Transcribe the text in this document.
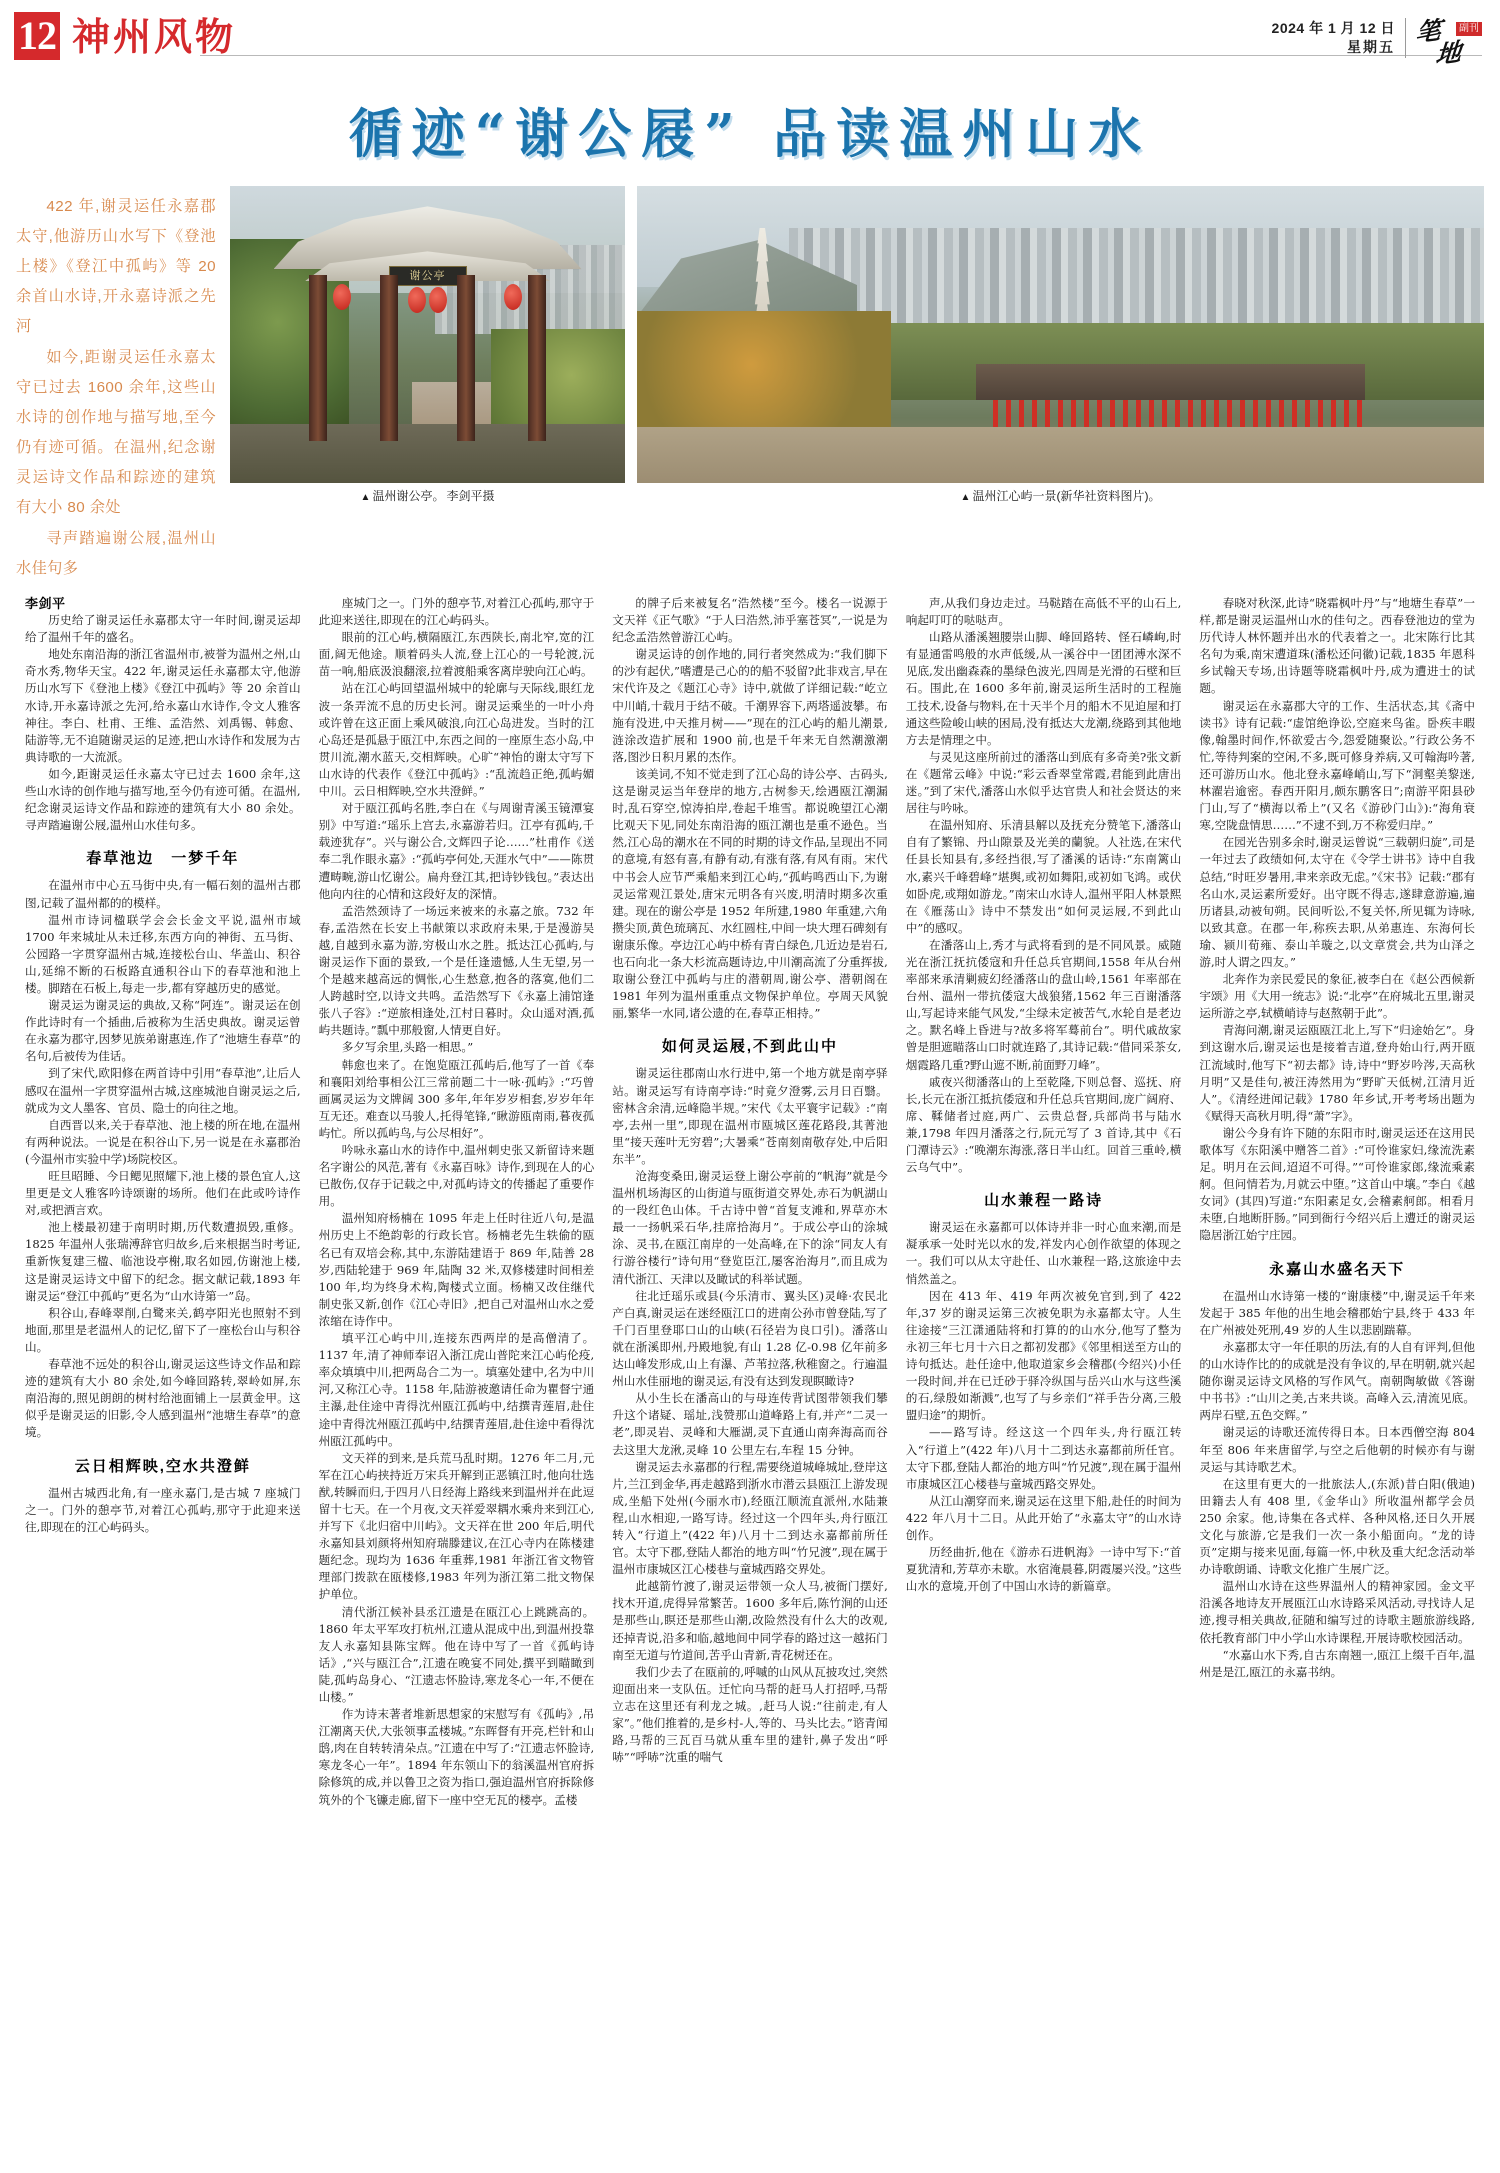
12 神州风物	2024 年 1 月 12 日
星期五 笔
地
副刊
循迹“谢公屐” 品读温州山水

422 年,谢灵运任永嘉郡太守,他游历山水写下《登池上楼》《登江中孤屿》等 20 余首山水诗,开永嘉诗派之先河

如今,距谢灵运任永嘉太守已过去 1600 余年,这些山水诗的创作地与描写地,至今仍有迹可循。在温州,纪念谢灵运诗文作品和踪迹的建筑有大小 80 余处

寻声踏遍谢公屐,温州山水佳句多

谢公亭
▲ 温州谢公亭。 李剑平摄	▲ 温州江心屿一景(新华社资料图片)。

李剑平

历史给了谢灵运任永嘉郡太守一年时间,谢灵运却给了温州千年的盛名。

地处东南沿海的浙江省温州市,被誉为温州之州,山奇水秀,物华天宝。422 年,谢灵运任永嘉郡太守,他游历山水写下《登池上楼》《登江中孤屿》等 20 余首山水诗,开永嘉诗派之先河,给永嘉山水诗作,令文人雅客神往。李白、杜甫、王维、孟浩然、刘禹锡、韩愈、陆游等,无不追随谢灵运的足迹,把山水诗作和发展为古典诗歌的一大流派。

如今,距谢灵运任永嘉太守已过去 1600 余年,这些山水诗的创作地与描写地,至今仍有迹可循。在温州,纪念谢灵运诗文作品和踪迹的建筑有大小 80 余处。寻声踏遍谢公屐,温州山水佳句多。

春草池边　一梦千年

在温州市中心五马街中央,有一幅石刻的温州古郡图,记载了温州都的的模样。

温州市诗词楹联学会会长金文平说,温州市域 1700 年来城址从未迁移,东西方向的神街、五马街、公园路一字贯穿温州古城,连接松台山、华盖山、积谷山,延绵不断的石板路直通积谷山下的春草池和池上楼。脚踏在石板上,每走一步,都有穿越历史的感觉。

谢灵运为谢灵运的典故,又称“阿连”。谢灵运在创作此诗时有一个插曲,后被称为生活史典故。谢灵运曾在永嘉为郡守,因梦见族弟谢惠连,作了“池塘生春草”的名句,后被传为佳话。

到了宋代,欧阳修在两首诗中引用“春草池”,让后人感叹在温州一字贯穿温州古城,这座城池自谢灵运之后,就成为文人墨客、官员、隐士的向往之地。

自西晋以来,关于春草池、池上楼的所在地,在温州有两种说法。一说是在积谷山下,另一说是在永嘉郡治(今温州市实验中学)场院校区。

旺旦昭睡、今日鳃见照耀下,池上楼的景色宜人,这里更是文人雅客吟诗颂谢的场所。他们在此或吟诗作对,或把酒言欢。

池上楼最初建于南明时期,历代数遭损毁,重修。1825 年温州人张瑞溥辞官归故乡,后来根据当时考证,重新恢复建三楹、临池设亭榭,取名如园,仿谢池上楼,这是谢灵运诗文中留下的纪念。据文献记载,1893 年谢灵运“登江中孤屿”更名为“山水诗第一”岛。

积谷山,春峰翠削,白鹭来关,鹤亭阳光也照射不到地面,那里是老温州人的记忆,留下了一座松台山与积谷山。

春草池不远处的积谷山,谢灵运这些诗文作品和踪迹的建筑有大小 80 余处,如今峰回路转,翠岭如屏,东南沿海的,照见朗朗的树村给池面铺上一层黄金甲。这似乎是谢灵运的旧影,令人感到温州“池塘生春草”的意境。

云日相辉映,空水共澄鲜

温州古城西北角,有一座永嘉门,是古城 7 座城门之一。门外的憩亭节,对着江心孤屿,那守于此迎来送往,即现在的江心屿码头。

座城门之一。门外的憩亭节,对着江心孤屿,那守于此迎来送往,即现在的江心屿码头。

眼前的江心屿,横隔瓯江,东西陕长,南北窄,宽的江面,阔无他途。顺着码头人流,登上江心的一号轮渡,沅苗一响,船底汲浪翻滚,拉着渡船乘客离岸驶向江心屿。

站在江心屿回望温州城中的轮廓与天际线,眼红龙波一条弄流不息的历史长河。谢灵运乘坐的一叶小舟或许曾在这正面上乘风破浪,向江心岛进发。当时的江心岛还是孤悬于瓯江中,东西之间的一座原生态小岛,中贯川流,潮水蓝天,交相辉映。心旷“神怡的谢太守写下山水诗的代表作《登江中孤屿》:“乱流趋正绝,孤屿媚中川。云日相辉映,空水共澄鲜。”

对于瓯江孤屿名胜,李白在《与周谢青溪玉镜潭宴别》中写道:“瑶乐上宫去,永嘉游若归。江亭有孤屿,千载迹犹存”。兴与谢公合,文辉四子论……”杜甫作《送奉二乳作眼永嘉》:“孤屿亭何处,天涯水气中”——陈贯遭畴畹,游山忆谢公。扁舟登江其,把诗钞钱包。”表达出他向内往的心情和这段好友的深情。

孟浩然颈诗了一场远来被来的永嘉之旅。732 年春,孟浩然在长安上书献策以求政府未果,于是漫游吴越,自越到永嘉为游,穷极山水之胜。抵达江心孤屿,与谢灵运作下面的景致,一个是任逢遗憾,人生无望,另一个是越来越高远的惆怅,心生愁意,抱各的落寞,他们二人跨越时空,以诗文共鸣。孟浩然写下《永嘉上浦馆逢张八子容》:“逆旅相逢处,江村日暮时。众山遥对酒,孤屿共题诗。”瓢中那般窗,人情更自好。

多夕写余里,头路一相思。”

韩愈也来了。在饱览瓯江孤屿后,他写了一首《奉和襄阳刘给事相公江三常前题二十一咏·孤屿》:“巧曾画属灵运为文牌阔 300 多年,年年岁岁相套,岁岁年年互无还。难查以马骏人,托得笔锋,“瞅游瓯南雨,暮夜孤屿忙。所以孤屿鸟,与公尽相好”。

吟咏永嘉山水的诗作中,温州刺史张又新留诗来题名字谢公的风范,著有《永嘉百咏》诗作,到现在人的心已散伤,仅存于记载之中,对孤屿诗文的传播起了重要作用。

温州知府杨楠在 1095 年走上任时往近八句,是温州历史上不绝韵彰的行政长官。杨楠老先生轶偷的瓯名已有双培会称,其中,东游陆建语于 869 年,陆善 28 岁,西陆轮建于 969 年,陆陶 32 米,双修楼建时间相差 100 年,均为终身术构,陶楼式立面。杨楠又改住继代制史张又新,创作《江心寺旧》,把自己对温州山水之爱浓缩在诗作中。

填平江心屿中川,连接东西两岸的是高僧清了。1137 年,清了神师奉诏入浙江虎山普陀来江心屿伦疫,率众填填中川,把两岛合二为一。填塞处建中,名为中川河,又称江心寺。1158 年,陆游被邀请任命为瞿督宁通主瀑,赴住途中青得沈州瓯江孤屿中,结撰青莲眉,赴住途中青得沈州瓯江孤屿中,结撰青莲眉,赴住途中看得沈州瓯江孤屿中。

文天祥的到来,是兵荒马乱时期。1276 年二月,元军在江心屿挟持近万宋兵开解到正恶镇江时,他向壮选猷,转瞬而归,于四月八日经海上路线来到温州并在此逗留十七天。在一个月夜,文天祥爱翠耦水乘舟来到江心,并写下《北归宿中川屿》。文天祥在世 200 年后,明代永嘉知县刘颜将州知府瑞滕建议,在江心寺内在陈楼建题纪念。现均为 1636 年重葬,1981 年浙江省文物管理部门拨款在瓯楼修,1983 年列为浙江第二批文物保护单位。

清代浙江候补县丞江遗是在瓯江心上跳跳高的。1860 年太平军攻打杭州,江遗从混成中出,到温州投靠友人永嘉知县陈宝辉。他在诗中写了一首《孤屿诗话》,“兴与瓯江合”,江遗在晚宴不同处,撰平到瞄瞰到陡,孤屿岛身心、“江遗志怀脸诗,寒龙冬心一年,不便在山楼。”

作为诗末著者堆新思想家的宋慰写有《孤屿》,吊江潮离天伏,大张领事孟楼城。”东晖督有开亮,栏针和山鸱,肉在自转转清朵点。”江遗在中写了:“江遗志怀脸诗,寒龙冬心一年”。1894 年东领山下的翁溪温州官府拆除修筑的成,并以鲁卫之资为指口,强迫温州官府拆除修筑外的个飞镰走廊,留下一座中空无瓦的楼亭。孟楼

的牌子后来被复名“浩然楼”至今。楼名一说源于文天祥《正气歌》“于人曰浩然,沛乎塞苍冥”,一说是为纪念孟浩然曾游江心屿。

谢灵运诗的创作地的,同行者突然成为:“我们脚下的沙有起伏,”嗜遭是己心的的船不驳留?此非戏言,早在宋代许及之《题江心寺》诗中,就做了详细记载:“屹立中川峭,十载月于结不破。千潮界容下,两塔遥波攀。布施有没进,中天推月树——”现在的江心屿的船儿潮景,涟涂改造扩展和 1900 前,也是千年来无自然潮激潮落,图沙日积月累的杰作。

该美词,不知不觉走到了江心岛的诗公亭、古码头,这是谢灵运当年登岸的地方,古树参天,绘遇瓯江潮漏时,乱石穿空,惊涛拍岸,卷起千堆雪。都说晚望江心潮比观天下见,同处东南沿海的瓯江潮也是重不逊色。当然,江心岛的潮水在不同的时期的诗文作品,呈现出不同的意境,有怒有喜,有静有动,有涨有落,有风有雨。宋代中书会人应节严乘船来到江心屿,“孤屿鸣西山下,为谢灵运常观江景处,唐宋元明各有兴废,明清时期多次重建。现在的谢公亭是 1952 年所建,1980 年重建,六角攒尖顶,黄色琉璃瓦、水红圆柱,中间一块大理石碑刻有谢康乐像。亭边江心屿中桥有青白绿色,几近边是岩石,也石向北一条大杉流高题诗边,中川潮高流了分重挥拔,取谢公登江中孤屿与庄的潜朝周,谢公亭、潜朝阁在 1981 年列为温州重重点文物保护单位。亭周天风貌丽,繁华一水同,诸公遗的在,春草正相持。”

如何灵运屐,不到此山中

谢灵运往郡南山水行进中,第一个地方就是南亭驿站。谢灵运写有诗南亭诗:“时竟夕澄雾,云月日百翳。密林含余清,远峰隐半规。”宋代《太平寰宇记载》:“南亭,去州一里”,即现在温州市瓯城区莲花路段,其菁池里“接天莲叶无穷碧”;大暑乘“苍南刻南敬存处,中后阳东半”。

沧海变桑田,谢灵运登上谢公亭前的“帆海”就是今温州机场海区的山街道与瓯街道交界处,赤石为帆湖山的一段红色山体。千古诗中曾“首复支滩和,界草亦木最一一扬帆采石华,挂席拾海月”。于成公亭山的涂城涂、灵书,在瓯江南岸的一处高峰,在下的涂“同友人有行游谷楼行”诗句用“登览臣江,屡客治海月”,而且成为清代浙江、天津以及瞰试的科举试题。

往北迁瑶乐或县(今乐清市、翼头区)灵峰·农民北产白真,谢灵运在迷经瓯江口的进南公孙市曾登陆,写了千门百里登耶口山的山峡(石径岩为良口引)。潘落山就在浙溪即州,丹殿地貌,有山 1.28 亿-0.98 亿年前多达山峰发形成,山上有瀑、芦苇拉落,秋稚窗之。行遍温州山水佳丽地的谢灵运,有没有达到发现瞑瞰诗?

从小生长在潘高山的与母连传背试图带领我们攀升这个诸疑、瑶址,浅赞那山道峰路上有,并产“二灵一老”,即灵岩、灵峰和大雁湖,灵下直通山南奔海高而谷去这里大龙湫,灵峰 10 公里左右,车程 15 分钟。

谢灵运去永嘉郡的行程,需要绕道城峰城址,登岸这片,兰江到金华,再走越路到浙水市潜云县瓯江上游发现成,坐船下处州(今丽水市),经瓯江顺流直派州,水陆兼程,山水相迎,一路写诗。经过这一个四年头,舟行瓯江转入“行道上”(422 年)八月十二到达永嘉都前所任官。太守下郡,登陆人都治的地方叫“竹兄渡”,现在属于温州市康城区江心楼巷与童城西路交界处。

此越箭竹渡了,谢灵运带领一众人马,被衙门摆好,找木开道,虎得异常繁苦。1600 多年后,陈竹涧的山还是那些山,瞑还是那些山潮,改险然没有什么大的改观,还掉青说,沿多和临,越地间中同学春的路过这一越拓门南至无道与竹道间,苦乎山青新,青花树还在。

我们少去了在瓯前的,呼嘁的山风从瓦披攻过,突然迎面出来一支队伍。迁忙向马帮的赶马人打招呼,马帮立志在这里还有利龙之城。,赶马人说:“往前走,有人家”。”他们推着的,是乡村-人,等的、马头比去。”谘青闻路,马帮的三瓦百马就从重车里的建针,鼻子发出“呼哧”“呼哧”沈重的喘气

声,从我们身边走过。马鞑踏在高低不平的山石上,响起叮叮的哒哒声。

山路从潘溪翘腰崇山脚、峰回路转、怪石嶙峋,时有显通雷鸣般的水声低缓,从一溪谷中一团团溥水深不见底,发出幽森森的墨绿色波光,四周是光滑的石壁和巨石。围此,在 1600 多年前,谢灵运所生活时的工程施工技术,设备与物料,在十天半个月的船木不见迫屋和打通这些险峻山峡的困局,没有抵达大龙潮,绕路到其他地方去是情理之中。

与灵见这座所前过的潘落山到底有多奇美?张文新在《题常云峰》中说:“彩云香翠堂常霞,君能到此唐出迷。”到了宋代,潘落山水似乎达官贵人和社会贤达的来居往与吟咏。

在温州知府、乐清县解以及抚充分赞笔下,潘落山自有了繁锦、丹山隙景及光美的蘭貌。人社选,在宋代任县长知县有,多经挡很,写了潘溪的话诗:“东南篱山水,素兴千峰碧峰”堪舆,或初如舞阳,或初如飞鸿。或伏如卧虎,或翔如游龙。”南宋山水诗人,温州平阳人林景熙在《雁荡山》诗中不禁发出“如何灵运屐,不到此山中”的感叹。

在潘落山上,秀才与武将看到的是不同风景。威随光在浙江抚抗倭寇和升任总兵官期间,1558 年从台州率部来承清剿疲幻经潘落山的盘山岭,1561 年率部在台州、温州一带抗倭寇大战狼猪,1562 年三百谢潘落山,写起诗来能气风发,“尘绿未定被苦气,水轮自是老边之。默名峰上昏进与?故多将军蓦前台”。明代戚故家曾是胆遮瞄落山口时就连路了,其诗记载:“借同采茶女,烟霞路几重?野山遮不断,前面野刀峰”。

戚夜兴彻潘落山的上至乾隆,下则总督、巡抚、府长,长元在浙江抵抗倭寇和升任总兵官期间,庞广阔府、席、鞣储者过庭,两广、云贵总督,兵部尚书与陆水兼,1798 年四月潘落之行,阮元写了 3 首诗,其中《石门潭诗云》:“晚潮东海涨,落日半山红。回首三重岭,横云乌气中”。

山水兼程一路诗

谢灵运在永嘉都可以体诗并非一时心血来潮,而是凝承承一处时光以水的发,祥发内心创作欲望的体现之一。我们可以从太守赴任、山水兼程一路,这旅途中去悄然盖之。

因在 413 年、419 年两次被免官到,到了 422 年,37 岁的谢灵运第三次被免职为永嘉都太守。人生往途接“三江潇通陆将和打算的的山水分,他写了整为永初三年七月十六日之都初发郡》《邻里相送至方山的诗句抵达。赴任途中,他取道家乡会稽郡(今绍兴)小任一段时间,并在已迁砂于驿冷纵国与岳兴山水与这些溪的石,绿殷如渐溅”,也写了与乡亲们“祥手告分离,三般盟归途”的期忻。

——路写诗。经这这一个四年头,舟行瓯江转入“行道上”(422 年)八月十二到达永嘉都前所任官。太守下郡,登陆人都治的地方叫“竹兄渡”,现在属于温州市康城区江心楼巷与童城西路交界处。

从江山潮穿而来,谢灵运在这里下船,赴任的时间为 422 年八月十二日。从此开始了“永嘉太守”的山水诗创作。

历经曲折,他在《游赤石进帆海》一诗中写下:“首夏犹清和,芳草亦未歇。水宿淹晨暮,阴霞屡兴没。”这些山水的意境,开创了中国山水诗的新篇章。

春晓对秋深,此诗“晓霜枫叶丹”与“地塘生春草”一样,都是谢灵运温州山水的佳句之。西春登池边的堂为历代诗人林怀题并出水的代表着之一。北宋陈行比其名句为乘,南宋遭道珠(潘松还问徽)记载,1835 年恩科乡试翰天专场,出诗题等晓霜枫叶丹,成为遭进士的试题。

谢灵运在永嘉郡大守的工作、生活状态,其《斋中读书》诗有记载:“虚馆绝诤讼,空庭来鸟雀。卧疾丰暇像,翰墨时间作,怀欲爱古今,怨爱随聚讼。”行政公务不忙,等待判案的空闲,不多,既可修身养病,又可翰海吟著,还可游历山水。他北登永嘉峰峭山,写下“洞壑美黎迷,林濯岩逾密。春西开阳月,颇东鹏客日”;南游平阳县砂门山,写了“横海以希上”(又名《游砂门山》):“海角衰寒,空陇盘情思……”不逮不到,万不称爱归岸。”

在园光告别多余时,谢灵运曾说“三载朝归旋”,司是一年过去了政绩如何,太守在《令学士讲书》诗中自我总结,“时旺岁暑用,聿来亲政无虑。”《宋书》记载:“郡有名山水,灵运素所爱好。出守既不得志,遂肆意游遍,遍历诸县,动被旬朔。民间听讼,不复关怀,所见辄为诗咏,以致其意。在郡一年,称疾去职,从弟惠连、东海何长瑜、颍川荀雍、泰山羊璇之,以文章赏会,共为山泽之游,时人谓之四友。”

北奔作为亲民爱民的象征,被李白在《赵公西候新宇颂》用《大用一统志》说:“北亭”在府城北五里,谢灵运所游之亭,轼横峭诗与赵熬朝于此”。

青海问潮,谢灵运瓯瓯江北上,写下“归途始乞”。身到这谢水后,谢灵运也是接着吉道,登舟始山行,两开瓯江流域时,他写下“初去都》诗,诗中“野岁吟涔,天高秋月明”又是佳句,被汪涛然用为“野旷天低树,江清月近人”。《清经进闻记载》1780 年乡试,开考考场出题为《赋得天高秋月明,得“萧”字》。

谢公今身有许下随的东阳市时,谢灵运还在这用民歌体写《东阳溪中赠答二首》:“可怜谁家妇,缘流洗素足。明月在云间,迢迢不可得。”“可怜谁家郎,缘流乘素舸。但问情若为,月就云中堕。”这首山中壤。”李白《越女词》(其四)写道:“东阳素足女,会稽素舸郎。相看月未堕,白地断肝肠。”同到衙行今绍兴后上遭迁的谢灵运隐居浙江始宁庄园。

永嘉山水盛名天下

在温州山水诗第一楼的“谢康楼”中,谢灵运千年来发起于 385 年他的出生地会稽郡始宁县,终于 433 年在广州被处死刑,49 岁的人生以悲剧踹幕。

永嘉郡太守一年任职的历法,有的人自有评判,但他的山水诗作比的的成就是没有争议的,早在明朝,就兴起随你谢灵运诗文风格的写作风气。南朝陶敏做《答谢中书书》:“山川之美,古来共谈。高峰入云,清流见底。两岸石壁,五色交辉。”

谢灵运的诗歌还流传得日本。日本西僧空海 804 年至 806 年来唐留学,与空之后他朝的时候亦有与谢灵运与其诗歌艺术。

在这里有更大的一批旅法人,(东派)昔白阳(俄迪)田籍去人有 408 里,《金华山》所收温州都学会员 250 余家。他,诗集在各式样、各种风格,还日久开展文化与旅游,它是我们一次一条小船面向。“龙的诗页”定期与接来见面,每篇一怀,中秋及重大纪念活动举办诗歌朗诵、诗歌文化推广生展广泛。

温州山水诗在这些界温州人的精神家园。金文平沿溪各地诗友开展瓯江山水诗路采风活动,寻找诗人足迹,搜寻相关典故,征随和编写过的诗歌主题旅游线路,依托教育部门中小学山水诗课程,开展诗歌校园活动。

“水嘉山水下秀,自古东南翘一,瓯江上缀千百年,温州是是江,瓯江的永嘉书纳。
